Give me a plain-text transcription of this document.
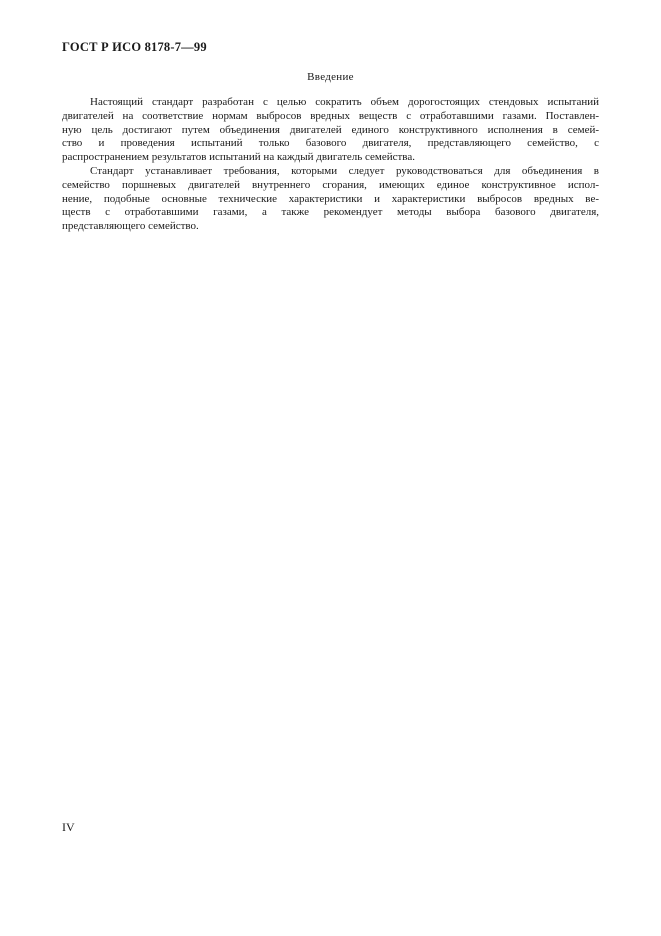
ГОСТ Р ИСО 8178-7—99
Введение

Настоящий стандарт разработан с целью сократить объем дорогостоящих стендовых испытаний
двигателей на соответствие нормам выбросов вредных веществ с отработавшими газами. Поставлен-
ную цель достигают путем объединения двигателей единого конструктивного исполнения в семей-
ство и проведения испытаний только базового двигателя, представляющего семейство, с
распространением результатов испытаний на каждый двигатель семейства.

Стандарт устанавливает требования, которыми следует руководствоваться для объединения в
семейство поршневых двигателей внутреннего сгорания, имеющих единое конструктивное испол-
нение, подобные основные технические характеристики и характеристики выбросов вредных ве-
ществ с отработавшими газами, а также рекомендует методы выбора базового двигателя,
представляющего семейство.

IV
